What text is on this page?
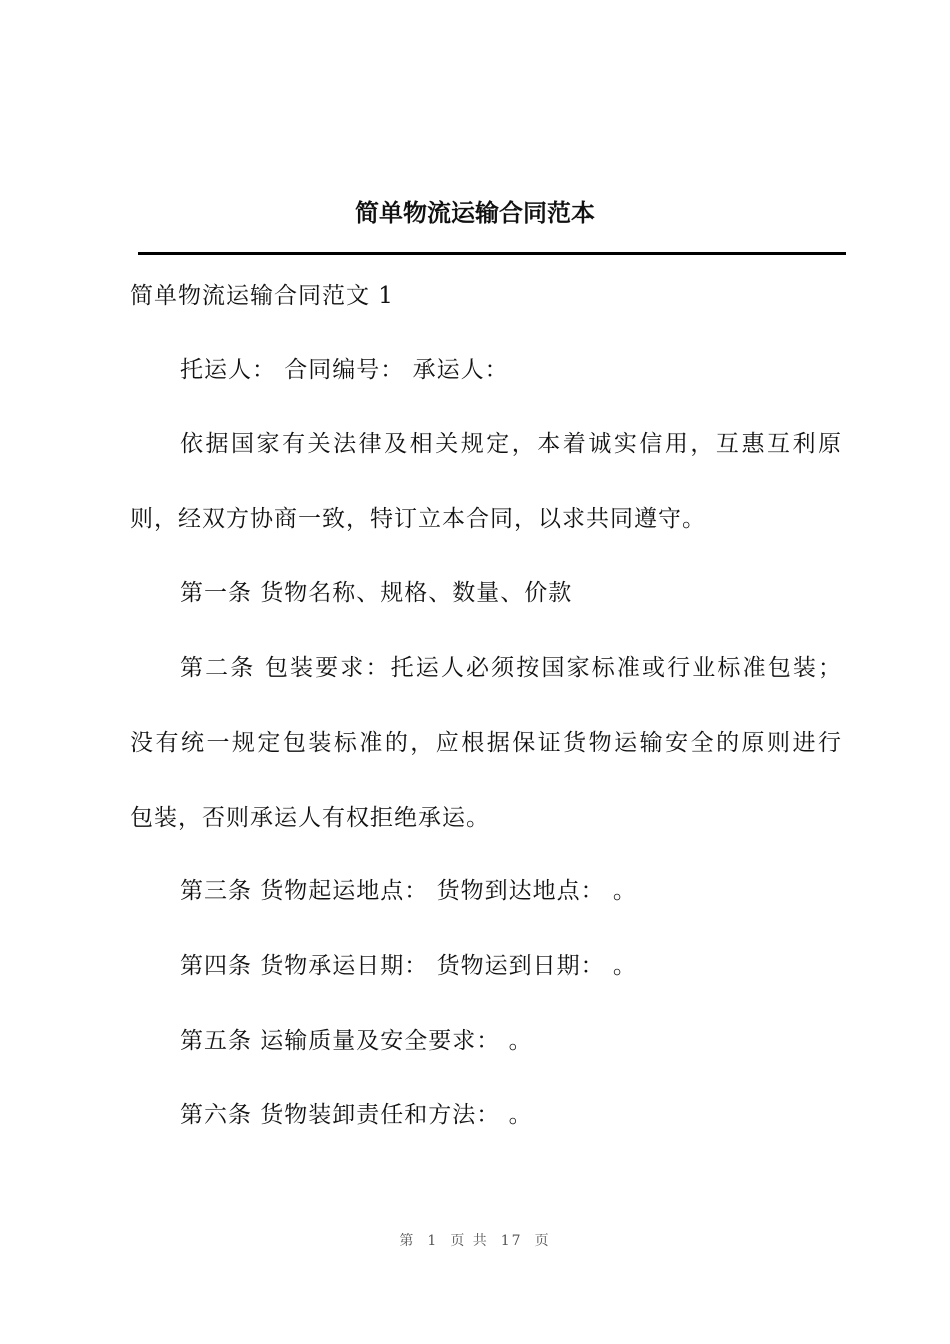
简单物流运输合同范本
简单物流运输合同范文 1
托运人： 合同编号： 承运人：
依据国家有关法律及相关规定，本着诚实信用，互惠互利原
则，经双方协商一致，特订立本合同，以求共同遵守。
第一条 货物名称、规格、数量、价款
第二条 包装要求：托运人必须按国家标准或行业标准包装；
没有统一规定包装标准的，应根据保证货物运输安全的原则进行
包装，否则承运人有权拒绝承运。
第三条 货物起运地点： 货物到达地点： 。
第四条 货物承运日期： 货物运到日期： 。
第五条 运输质量及安全要求： 。
第六条 货物装卸责任和方法： 。
第 1 页 共 17 页
